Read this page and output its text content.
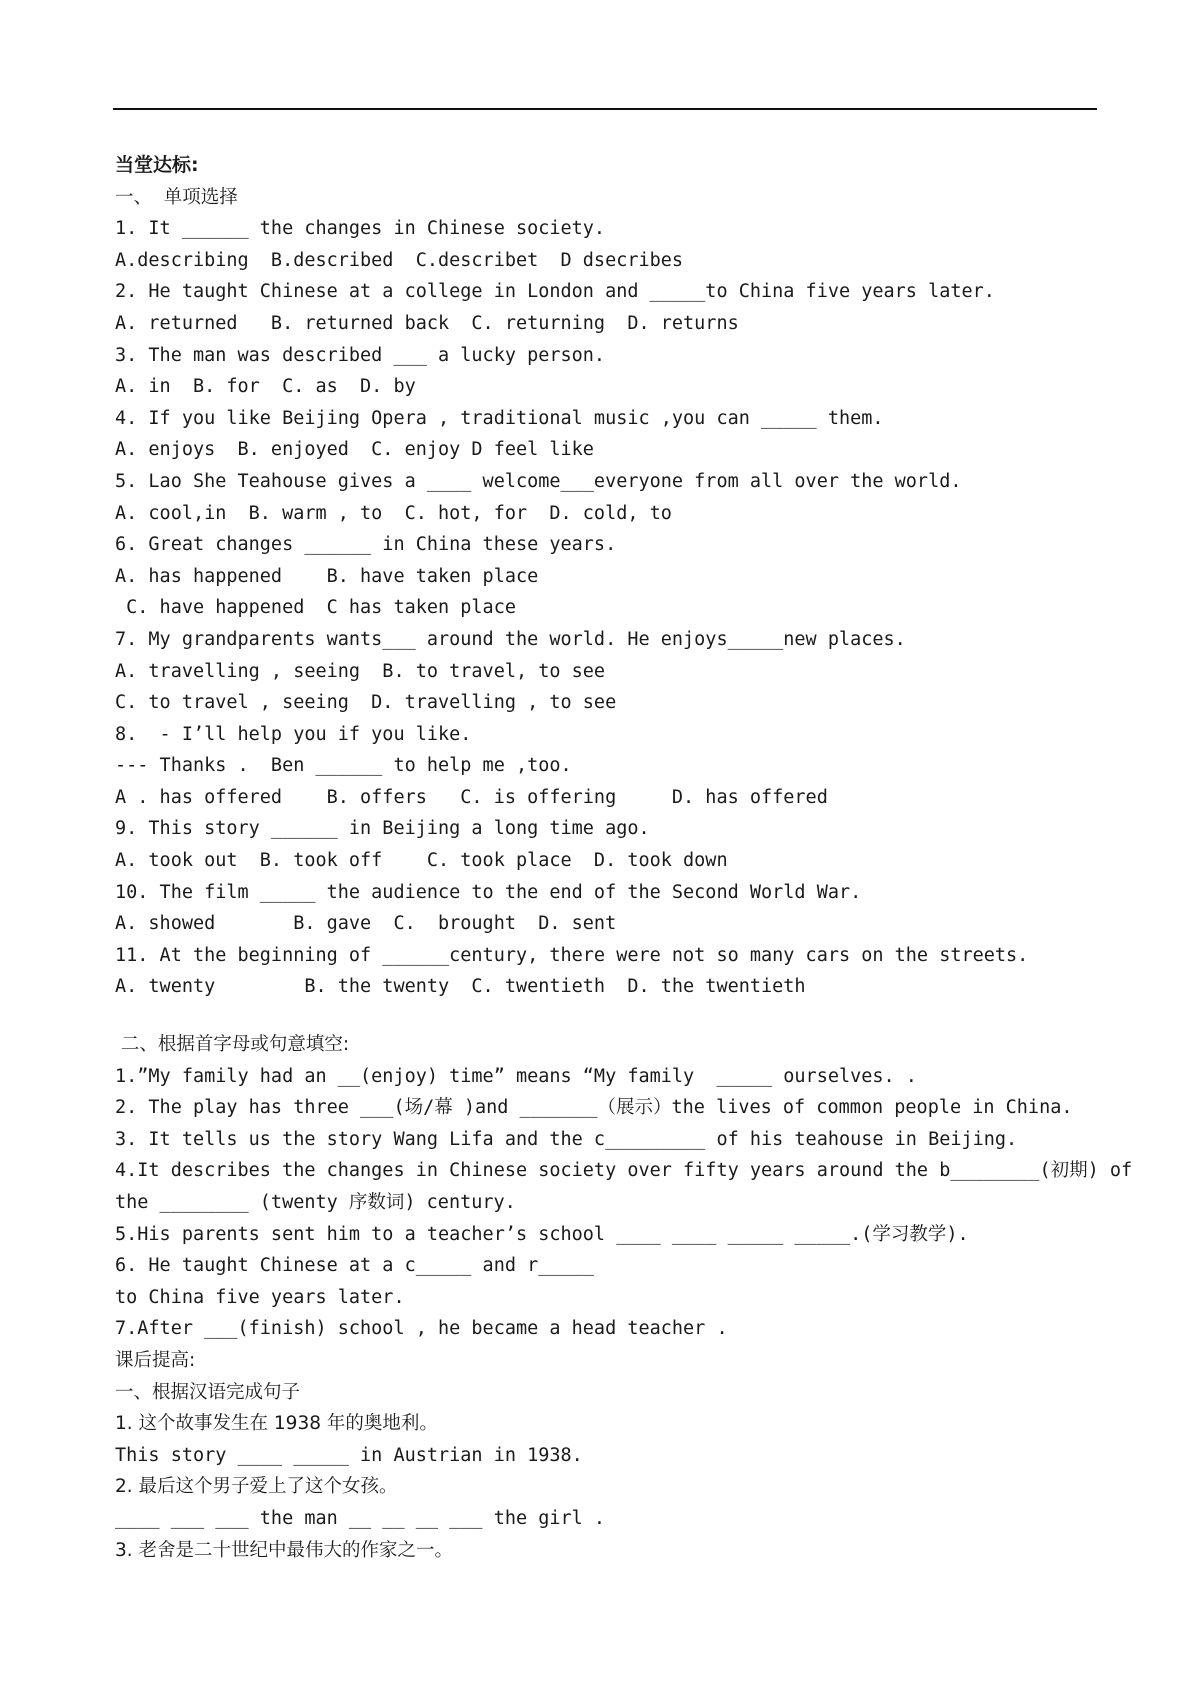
当堂达标:
一、  单项选择
1. It ______ the changes in Chinese society.
A.describing  B.described  C.describet  D dsecribes
2. He taught Chinese at a college in London and _____to China five years later.
A. returned   B. returned back  C. returning  D. returns
3. The man was described ___ a lucky person.
A. in  B. for  C. as  D. by
4. If you like Beijing Opera , traditional music ,you can _____ them.
A. enjoys  B. enjoyed  C. enjoy D feel like
5. Lao She Teahouse gives a ____ welcome___everyone from all over the world.
A. cool,in  B. warm , to  C. hot, for  D. cold, to
6. Great changes ______ in China these years.
A. has happened    B. have taken place
C. have happened  C has taken place
7. My grandparents wants___ around the world. He enjoys_____new places.
A. travelling , seeing  B. to travel, to see
C. to travel , seeing  D. travelling , to see
8.  - I’ll help you if you like.
--- Thanks .  Ben ______ to help me ,too.
A . has offered    B. offers   C. is offering     D. has offered
9. This story ______ in Beijing a long time ago.
A. took out  B. took off    C. took place  D. took down
10. The film _____ the audience to the end of the Second World War.
A. showed       B. gave  C.  brought  D. sent
11. At the beginning of ______century, there were not so many cars on the streets.
A. twenty        B. the twenty  C. twentieth  D. the twentieth
二、根据首字母或句意填空:
1.”My family had an __(enjoy) time” means “My family  _____ ourselves. .
2. The play has three ___(场/幕 )and _______（展示）the lives of common people in China.
3. It tells us the story Wang Lifa and the c_________ of his teahouse in Beijing.
4.It describes the changes in Chinese society over fifty years around the b________(初期) of
the ________ (twenty 序数词) century.
5.His parents sent him to a teacher’s school ____ ____ _____ _____.(学习教学).
6. He taught Chinese at a c_____ and r_____
to China five years later.
7.After ___(finish) school , he became a head teacher .
课后提高:
一、根据汉语完成句子
1. 这个故事发生在 1938 年的奥地利。
This story ____ _____ in Austrian in 1938.
2. 最后这个男子爱上了这个女孩。
____ ___ ___ the man __ __ __ ___ the girl .
3. 老舍是二十世纪中最伟大的作家之一。
